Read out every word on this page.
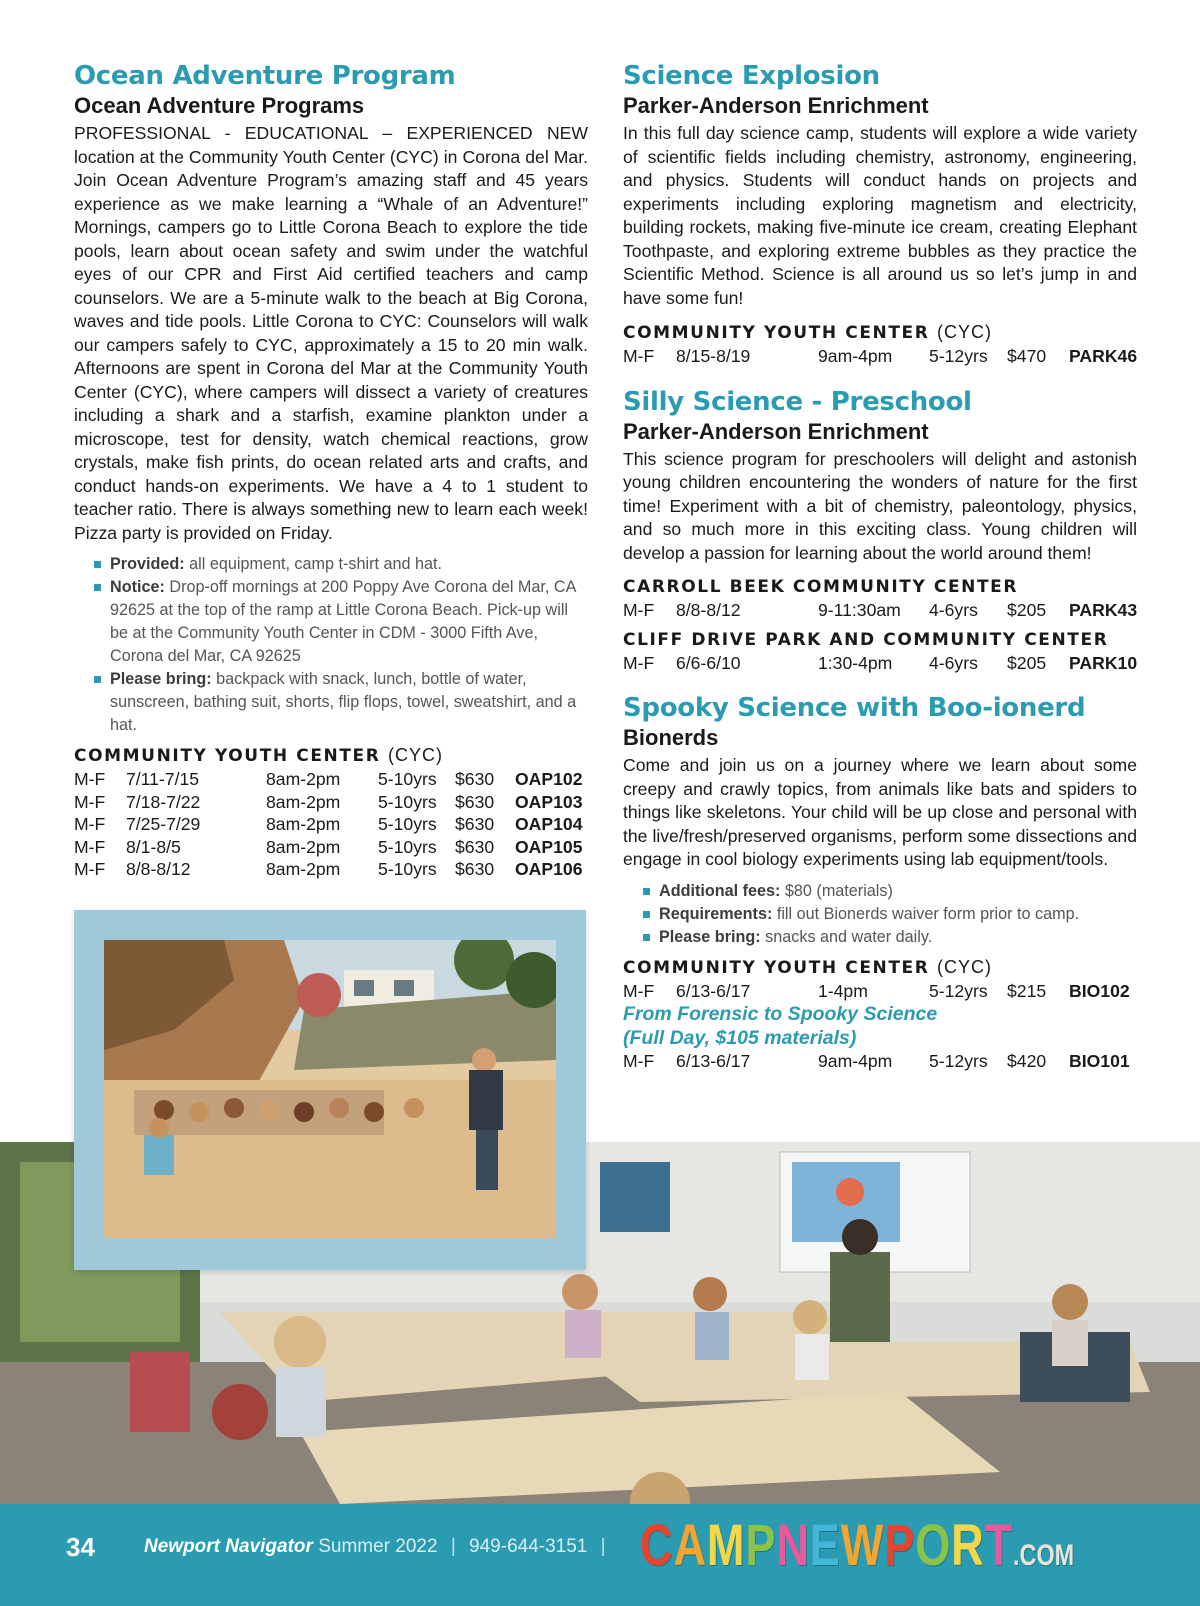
Ocean Adventure Program
Ocean Adventure Programs

PROFESSIONAL - EDUCATIONAL – EXPERIENCED NEW location at the Community Youth Center (CYC) in Corona del Mar. Join Ocean Adventure Program’s amazing staff and 45 years experience as we make learning a “Whale of an Adventure!” Mornings, campers go to Little Corona Beach to explore the tide pools, learn about ocean safety and swim under the watchful eyes of our CPR and First Aid certified teachers and camp counselors. We are a 5-minute walk to the beach at Big Corona, waves and tide pools. Little Corona to CYC: Counselors will walk our campers safely to CYC, approximately a 15 to 20 min walk. Afternoons are spent in Corona del Mar at the Community Youth Center (CYC), where campers will dissect a variety of creatures including a shark and a starfish, examine plankton under a microscope, test for density, watch chemical reactions, grow crystals, make fish prints, do ocean related arts and crafts, and conduct hands-on experiments. We have a 4 to 1 student to teacher ratio. There is always something new to learn each week! Pizza party is provided on Friday.

Provided: all equipment, camp t-shirt and hat.
Notice: Drop-off mornings at 200 Poppy Ave Corona del Mar, CA 92625 at the top of the ramp at Little Corona Beach. Pick-up will be at the Community Youth Center in CDM - 3000 Fifth Ave, Corona del Mar, CA 92625
Please bring: backpack with snack, lunch, bottle of water, sunscreen, bathing suit, shorts, flip flops, towel, sweatshirt, and a hat.
COMMUNITY YOUTH CENTER (CYC)
M-F	7/11-7/15	8am-2pm	5-10yrs	$630	OAP102
M-F	7/18-7/22	8am-2pm	5-10yrs	$630	OAP103
M-F	7/25-7/29	8am-2pm	5-10yrs	$630	OAP104
M-F	8/1-8/5	8am-2pm	5-10yrs	$630	OAP105
M-F	8/8-8/12	8am-2pm	5-10yrs	$630	OAP106
Science Explosion
Parker-Anderson Enrichment

In this full day science camp, students will explore a wide variety of scientific fields including chemistry, astronomy, engineering, and physics. Students will conduct hands on projects and experiments including exploring magnetism and electricity, building rockets, making five-minute ice cream, creating Elephant Toothpaste, and exploring extreme bubbles as they practice the Scientific Method. Science is all around us so let’s jump in and have some fun!

COMMUNITY YOUTH CENTER (CYC)
M-F	8/15-8/19	9am-4pm	5-12yrs	$470	PARK46
Silly Science - Preschool
Parker-Anderson Enrichment

This science program for preschoolers will delight and astonish young children encountering the wonders of nature for the first time! Experiment with a bit of chemistry, paleontology, physics, and so much more in this exciting class. Young children will develop a passion for learning about the world around them!

CARROLL BEEK COMMUNITY CENTER
M-F	8/8-8/12	9-11:30am	4-6yrs	$205	PARK43
CLIFF DRIVE PARK AND COMMUNITY CENTER
M-F	6/6-6/10	1:30-4pm	4-6yrs	$205	PARK10
Spooky Science with Boo-ionerd
Bionerds

Come and join us on a journey where we learn about some creepy and crawly topics, from animals like bats and spiders to things like skeletons. Your child will be up close and personal with the live/fresh/preserved organisms, perform some dissections and engage in cool biology experiments using lab equipment/tools.

Additional fees: $80 (materials)
Requirements: fill out Bionerds waiver form prior to camp.
Please bring: snacks and water daily.
COMMUNITY YOUTH CENTER (CYC)
M-F	6/13-6/17	1-4pm	5-12yrs	$215	BIO102
From Forensic to Spooky Science
(Full Day, $105 materials)
M-F	6/13-6/17	9am-4pm	5-12yrs	$420	BIO101
34	Newport Navigator Summer 2022 | 949-644-3151 | CAMPNEWPORT.COM
